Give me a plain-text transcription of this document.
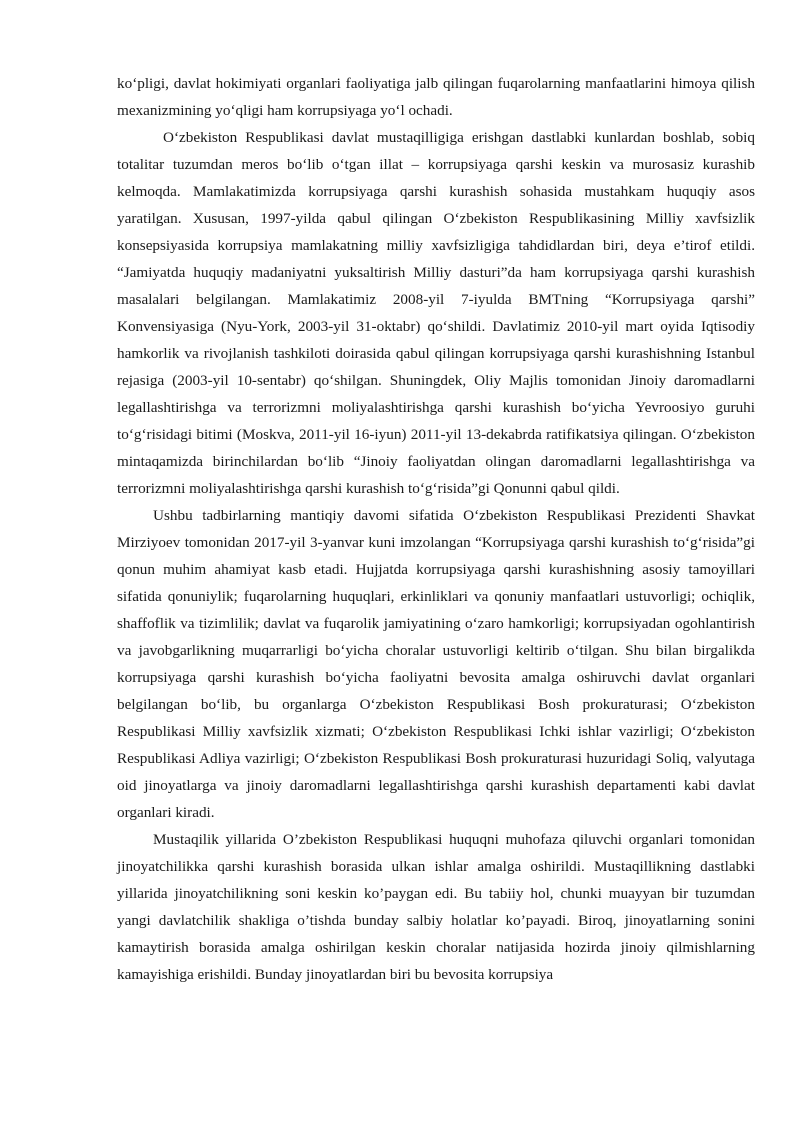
ko‘pligi, davlat hokimiyati organlari faoliyatiga jalb qilingan fuqarolarning manfaatlarini himoya qilish mexanizmining yo‘qligi ham korrupsiyaga yo‘l ochadi.

O‘zbekiston Respublikasi davlat mustaqilligiga erishgan dastlabki kunlardan boshlab, sobiq totalitar tuzumdan meros bo‘lib o‘tgan illat – korrupsiyaga qarshi keskin va murosasiz kurashib kelmoqda. Mamlakatimizda korrupsiyaga qarshi kurashish sohasida mustahkam huquqiy asos yaratilgan. Xususan, 1997-yilda qabul qilingan O‘zbekiston Respublikasining Milliy xavfsizlik konsepsiyasida korrupsiya mamlakatning milliy xavfsizligiga tahdidlardan biri, deya e’tirof etildi. “Jamiyatda huquqiy madaniyatni yuksaltirish Milliy dasturi”da ham korrupsiyaga qarshi kurashish masalalari belgilangan. Mamlakatimiz 2008-yil 7-iyulda BMTning “Korrupsiyaga qarshi” Konvensiyasiga (Nyu-York, 2003-yil 31-oktabr) qo‘shildi. Davlatimiz 2010-yil mart oyida Iqtisodiy hamkorlik va rivojlanish tashkiloti doirasida qabul qilingan korrupsiyaga qarshi kurashishning Istanbul rejasiga (2003-yil 10-sentabr) qo‘shilgan. Shuningdek, Oliy Majlis tomonidan Jinoiy daromadlarni legallashtirishga va terrorizmni moliyalashtirishga qarshi kurashish bo‘yicha Yevroosiyo guruhi to‘g‘risidagi bitimi (Moskva, 2011-yil 16-iyun) 2011-yil 13-dekabrda ratifikatsiya qilingan. O‘zbekiston mintaqamizda birinchilardan bo‘lib “Jinoiy faoliyatdan olingan daromadlarni legallashtirishga va terrorizmni moliyalashtirishga qarshi kurashish to‘g‘risida”gi Qonunni qabul qildi.

Ushbu tadbirlarning mantiqiy davomi sifatida O‘zbekiston Respublikasi Prezidenti Shavkat Mirziyoev tomonidan 2017-yil 3-yanvar kuni imzolangan “Korrupsiyaga qarshi kurashish to‘g‘risida”gi qonun muhim ahamiyat kasb etadi. Hujjatda korrupsiyaga qarshi kurashishning asosiy tamoyillari sifatida qonuniylik; fuqarolarning huquqlari, erkinliklari va qonuniy manfaatlari ustuvorligi; ochiqlik, shaffoflik va tizimlilik; davlat va fuqarolik jamiyatining o‘zaro hamkorligi; korrupsiyadan ogohlantirish va javobgarlikning muqarrarligi bo‘yicha choralar ustuvorligi keltirib o‘tilgan. Shu bilan birgalikda korrupsiyaga qarshi kurashish bo‘yicha faoliyatni bevosita amalga oshiruvchi davlat organlari belgilangan bo‘lib, bu organlarga O‘zbekiston Respublikasi Bosh prokuraturasi; O‘zbekiston Respublikasi Milliy xavfsizlik xizmati; O‘zbekiston Respublikasi Ichki ishlar vazirligi; O‘zbekiston Respublikasi Adliya vazirligi; O‘zbekiston Respublikasi Bosh prokuraturasi huzuridagi Soliq, valyutaga oid jinoyatlarga va jinoiy daromadlarni legallashtirishga qarshi kurashish departamenti kabi davlat organlari kiradi.

Mustaqilik yillarida O’zbekiston Respublikasi huquqni muhofaza qiluvchi organlari tomonidan jinoyatchilikka qarshi kurashish borasida ulkan ishlar amalga oshirildi. Mustaqillikning dastlabki yillarida jinoyatchilikning soni keskin ko’paygan edi. Bu tabiiy hol, chunki muayyan bir tuzumdan yangi davlatchilik shakliga o’tishda bunday salbiy holatlar ko’payadi. Biroq, jinoyatlarning sonini kamaytirish borasida amalga oshirilgan keskin choralar natijasida hozirda jinoiy qilmishlarning kamayishiga erishildi. Bunday jinoyatlardan biri bu bevosita korrupsiya
